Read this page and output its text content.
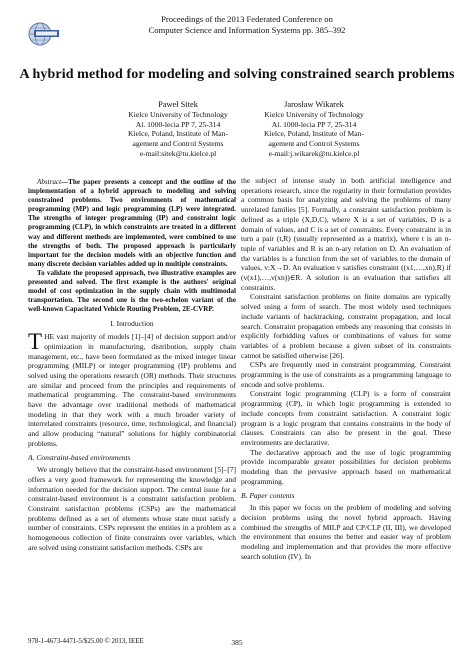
Proceedings of the 2013 Federated Conference on
Computer Science and Information Systems pp. 385–392
A hybrid method for modeling and solving constrained search problems
Paweł Sitek
Kielce University of Technology
Al. 1000-lecia PP 7, 25-314
Kielce, Poland, Institute of Man-
agement and Control Systems
e-mail:sitek@tu.kielce.pl
Jarosław Wikarek
Kielce University of Technology
Al. 1000-lecia PP 7, 25-314
Kielce, Poland, Institute of Man-
agement and Control Systems
e-mail:j.wikarek@tu.kielce.pl

Abstract—The paper presents a concept and the outline of the implementation of a hybrid approach to modeling and solving constrained problems. Two environments of mathematical programming (MP) and logic programming (LP) were integrated. The strengths of integer programming (IP) and constraint logic programming (CLP), in which constraints are treated in a different way and different methods are implemented, were combined to use the strengths of both. The proposed approach is particularly important for the decision models with an objective function and many discrete decision variables added up in multiple constraints.

To validate the proposed approach, two illustrative examples are presented and solved. The first example is the authors' original model of cost optimization in the supply chain with multimodal transportation. The second one is the two-echelon variant of the well-known Capacitated Vehicle Routing Problem, 2E-CVRP.

I. Introduction

THE vast majority of models [1]–[4] of decision support and/or optimization in manufacturing, distribution, supply chain management, etc., have been formulated as the mixed integer linear programming (MILP) or integer programming (IP) problems and solved using the operations research (OR) methods. Their structures are similar and proceed from the principles and requirements of mathematical programming. The constraint-based environments have the advantage over traditional methods of mathematical modeling in that they work with a much broader variety of interrelated constraints (resource, time, technological, and financial) and allow producing “natural” solutions for highly combinatorial problems.

A. Constraint-based environments

We strongly believe that the constraint-based environment [5]–[7] offers a very good framework for representing the knowledge and information needed for the decision support. The central issue for a constraint-based environment is a constraint satisfaction problem. Constraint satisfaction problems (CSPs) are the mathematical problems defined as a set of elements whose state must satisfy a number of constraints. CSPs represent the entities in a problem as a homogeneous collection of finite constraints over variables, which are solved using constraint satisfaction methods. CSPs are

the subject of intense study in both artificial intelligence and operations research, since the regularity in their formulation provides a common basis for analyzing and solving the problems of many unrelated families [5]. Formally, a constraint satisfaction problem is defined as a triple (X,D,C), where X is a set of variables, D is a domain of values, and C is a set of constraints. Every constraint is in turn a pair (t,R) (usually represented as a matrix), where t is an n-tuple of variables and R is an n-ary relation on D. An evaluation of the variables is a function from the set of variables to the domain of values, v:X→D. An evaluation v satisfies constraint ((x1,…,xn),R) if (v(x1),…,v(xn))∈R. A solution is an evaluation that satisfies all constraints.

Constraint satisfaction problems on finite domains are typically solved using a form of search. The most widely used techniques include variants of backtracking, constraint propagation, and local search. Constraint propagation embeds any reasoning that consists in explicitly forbidding values or combinations of values for some variables of a problem because a given subset of its constraints cannot be satisfied otherwise [26].

CSPs are frequently used in constraint programming. Constraint programming is the use of constraints as a programming language to encode and solve problems.

Constraint logic programming (CLP) is a form of constraint programming (CP), in which logic programming is extended to include concepts from constraint satisfaction. A constraint logic program is a logic program that contains constraints in the body of clauses. Constraints can also be present in the goal. These environments are declarative.

The declarative approach and the use of logic programming provide incomparable greater possibilities for decision problems modeling than the pervasive approach based on mathematical programming.

B. Paper contents

In this paper we focus on the problem of modeling and solving decision problems using the novel hybrid approach. Having combined the strengths of MILP and CP/CLP (II, III), we developed the environment that ensures the better and easier way of problem modeling and implementation and that provides the more effective search solution (IV). In

978-1-4673-4471-5/$25.00 © 2013, IEEE	385
